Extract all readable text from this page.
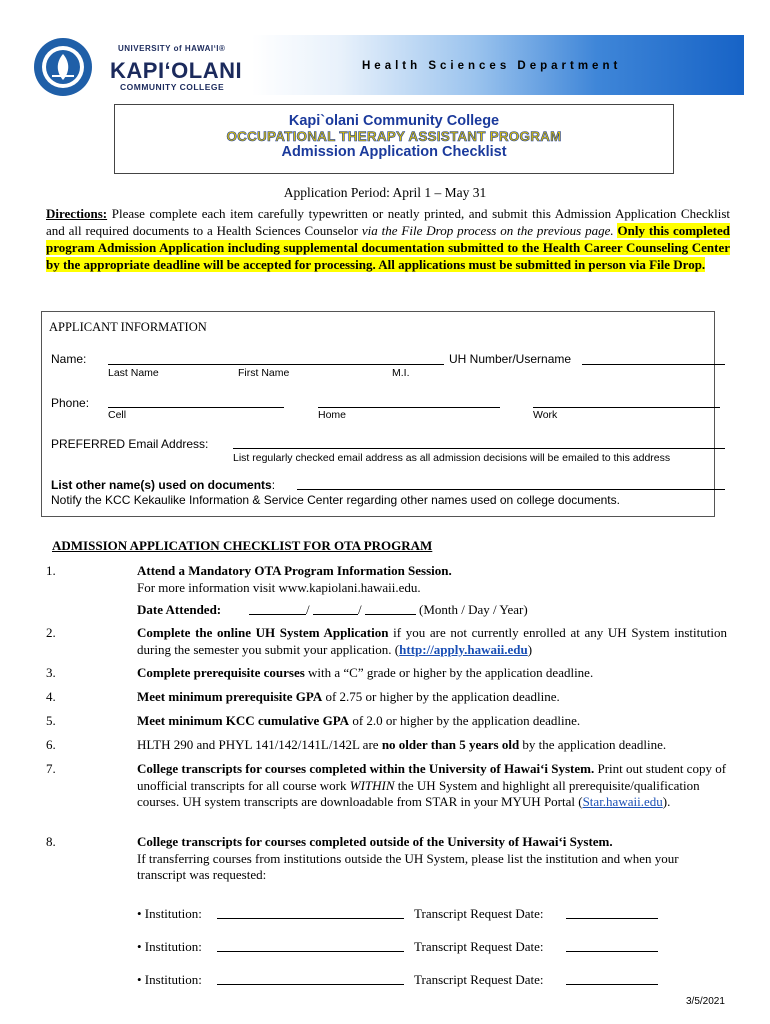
UNIVERSITY of HAWAI‘I®
KAPI‘OLANI
COMMUNITY COLLEGE
Health Sciences Department
Kapi`olani Community College
OCCUPATIONAL THERAPY ASSISTANT PROGRAM
Admission Application Checklist
Application Period: April 1 – May 31
Directions: Please complete each item carefully typewritten or neatly printed, and submit this Admission Application Checklist and all required documents to a Health Sciences Counselor via the File Drop process on the previous page. Only this completed program Admission Application including supplemental documentation submitted to the Health Career Counseling Center by the appropriate deadline will be accepted for processing. All applications must be submitted in person via File Drop.
APPLICANT INFORMATION
Name:
Last Name	First Name	M.I.
UH Number/Username
Phone:
Cell	Home	Work
PREFERRED Email Address:
List regularly checked email address as all admission decisions will be emailed to this address
List other name(s) used on documents:
Notify the KCC Kekaulike Information & Service Center regarding other names used on college documents.
ADMISSION APPLICATION CHECKLIST FOR OTA PROGRAM
1.	Attend a Mandatory OTA Program Information Session.
For more information visit www.kapiolani.hawaii.edu.
Date Attended:	/	/	(Month / Day / Year)
2.	Complete the online UH System Application if you are not currently enrolled at any UH System institution during the semester you submit your application. (http://apply.hawaii.edu)
3.	Complete prerequisite courses with a “C” grade or higher by the application deadline.
4.	Meet minimum prerequisite GPA of 2.75 or higher by the application deadline.
5.	Meet minimum KCC cumulative GPA of 2.0 or higher by the application deadline.
6.	HLTH 290 and PHYL 141/142/141L/142L are no older than 5 years old by the application deadline.
7.	College transcripts for courses completed within the University of Hawai‘i System. Print out student copy of unofficial transcripts for all course work WITHIN the UH System and highlight all prerequisite/qualification courses. UH system transcripts are downloadable from STAR in your MYUH Portal (Star.hawaii.edu).
8.	College transcripts for courses completed outside of the University of Hawai‘i System.
If transferring courses from institutions outside the UH System, please list the institution and when your transcript was requested:
• Institution:	Transcript Request Date:
• Institution:	Transcript Request Date:
• Institution:	Transcript Request Date:
3/5/2021
